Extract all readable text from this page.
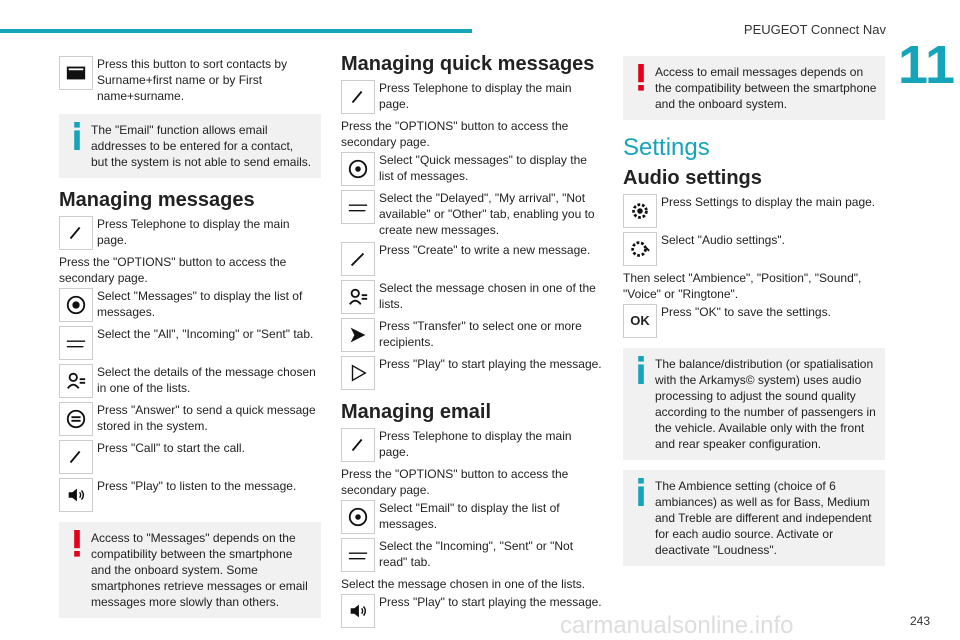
PEUGEOT Connect Nav
11
Press this button to sort contacts by Surname+first name or by First name+surname.
The "Email" function allows email addresses to be entered for a contact, but the system is not able to send emails.
Managing messages
Press Telephone to display the main page.
Press the "OPTIONS" button to access the secondary page.
Select "Messages" to display the list of messages.
Select the "All", "Incoming" or "Sent" tab.
Select the details of the message chosen in one of the lists.
Press "Answer" to send a quick message stored in the system.
Press "Call" to start the call.
Press "Play" to listen to the message.
Access to "Messages" depends on the compatibility between the smartphone and the onboard system. Some smartphones retrieve messages or email messages more slowly than others.
Managing quick messages
Press Telephone to display the main page.
Press the "OPTIONS" button to access the secondary page.
Select "Quick messages" to display the list of messages.
Select the "Delayed", "My arrival", "Not available" or "Other" tab, enabling you to create new messages.
Press "Create" to write a new message.
Select the message chosen in one of the lists.
Press "Transfer" to select one or more recipients.
Press "Play" to start playing the message.
Managing email
Press Telephone to display the main page.
Press the "OPTIONS" button to access the secondary page.
Select "Email" to display the list of messages.
Select the "Incoming", "Sent" or "Not read" tab.
Select the message chosen in one of the lists.
Press "Play" to start playing the message.
Access to email messages depends on the compatibility between the smartphone and the onboard system.
Settings
Audio settings
Press Settings to display the main page.
Select "Audio settings".
Then select "Ambience", "Position", "Sound", "Voice" or "Ringtone".
OK
Press "OK" to save the settings.
The balance/distribution (or spatialisation with the Arkamys© system) uses audio processing to adjust the sound quality according to the number of passengers in the vehicle. Available only with the front and rear speaker configuration.
The Ambience setting (choice of 6 ambiances) as well as for Bass, Medium and Treble are different and independent for each audio source. Activate or deactivate "Loudness".
243
carmanualsonline.info
